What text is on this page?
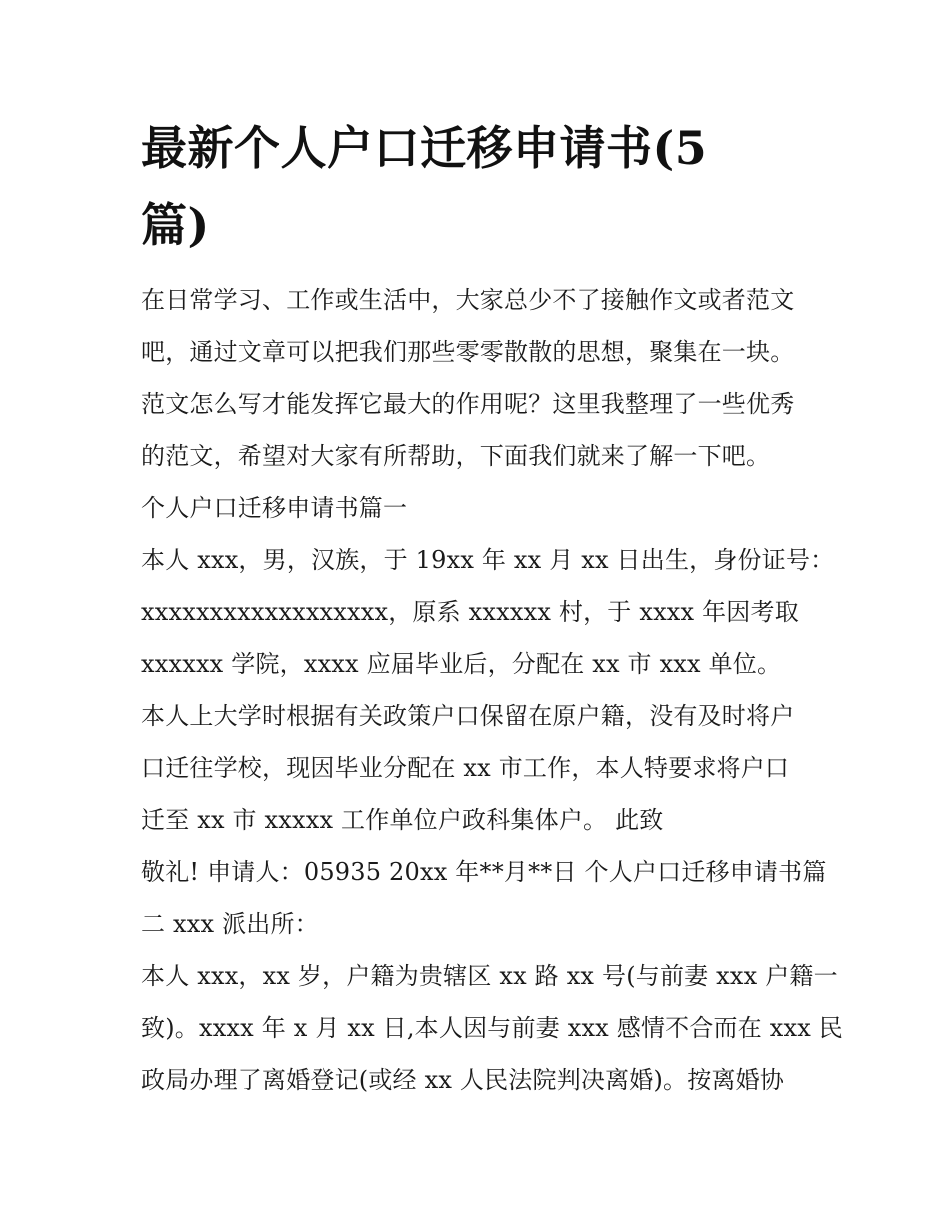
最新个人户口迁移申请书(5
篇)
在日常学习、工作或生活中，大家总少不了接触作文或者范文
吧，通过文章可以把我们那些零零散散的思想，聚集在一块。
范文怎么写才能发挥它最大的作用呢？这里我整理了一些优秀
的范文，希望对大家有所帮助，下面我们就来了解一下吧。
个人户口迁移申请书篇一
本人 xxx，男，汉族，于 19xx 年 xx 月 xx 日出生，身份证号：
xxxxxxxxxxxxxxxxxx，原系 xxxxxx 村，于 xxxx 年因考取
xxxxxx 学院，xxxx 应届毕业后，分配在 xx 市 xxx 单位。
本人上大学时根据有关政策户口保留在原户籍，没有及时将户
口迁往学校，现因毕业分配在 xx 市工作，本人特要求将户口
迁至 xx 市 xxxxx 工作单位户政科集体户。 此致
敬礼! 申请人：05935 20xx 年**月**日 个人户口迁移申请书篇
二 xxx 派出所：
本人 xxx，xx 岁，户籍为贵辖区 xx 路 xx 号(与前妻 xxx 户籍一
致)。xxxx 年 x 月 xx 日,本人因与前妻 xxx 感情不合而在 xxx 民
政局办理了离婚登记(或经 xx 人民法院判决离婚)。按离婚协
